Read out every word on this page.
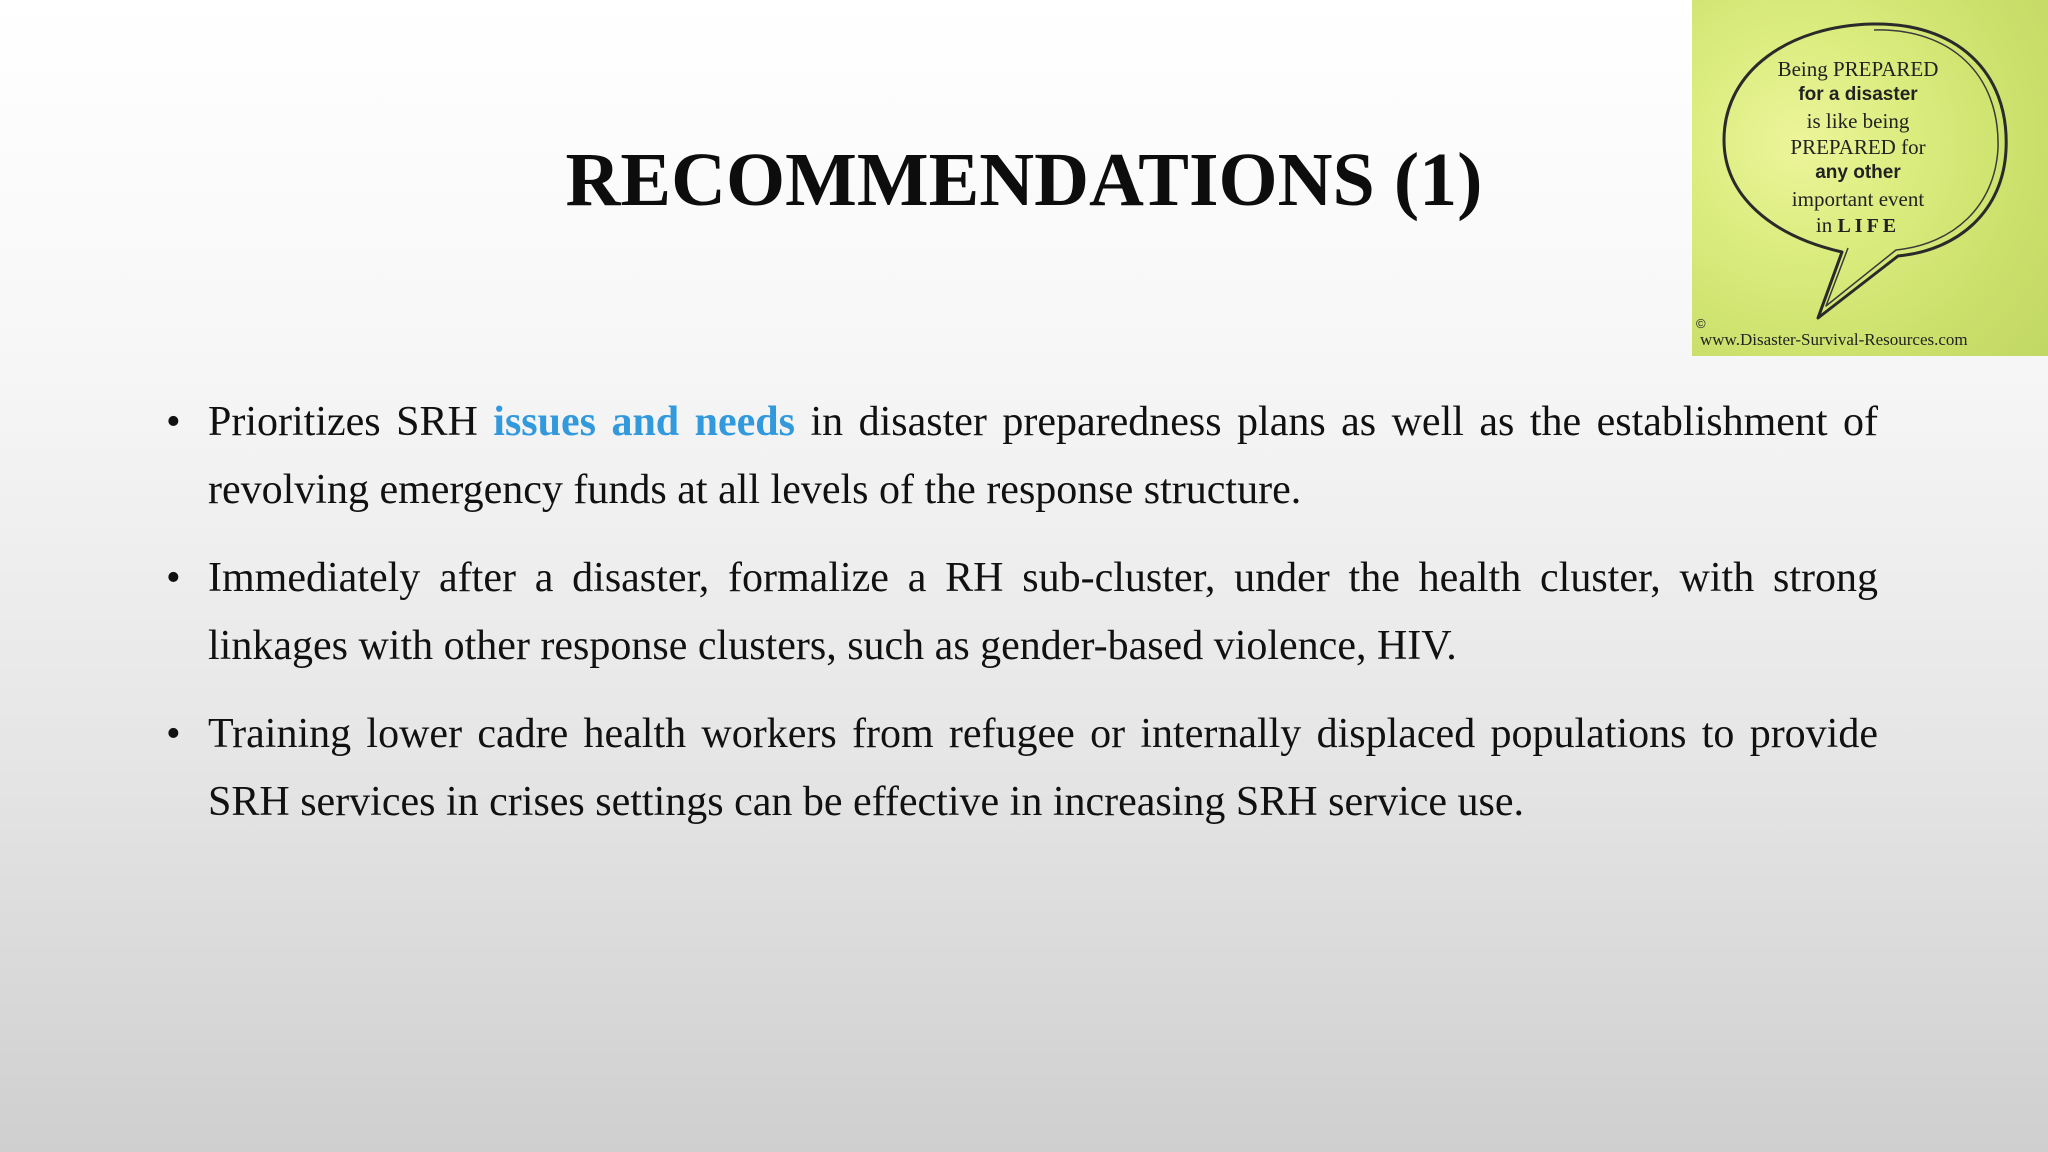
RECOMMENDATIONS (1)
• Prioritizes SRH issues and needs in disaster preparedness plans as well as the establishment of revolving emergency funds at all levels of the response structure.
• Immediately after a disaster, formalize a RH sub-cluster, under the health cluster, with strong linkages with other response clusters, such as gender-based violence, HIV.
• Training lower cadre health workers from refugee or internally displaced populations to provide SRH services in crises settings can be effective in increasing SRH service use.
Being PREPARED
for a disaster
is like being
PREPARED for
any other
important event
in LIFE
©
www.Disaster-Survival-Resources.com
